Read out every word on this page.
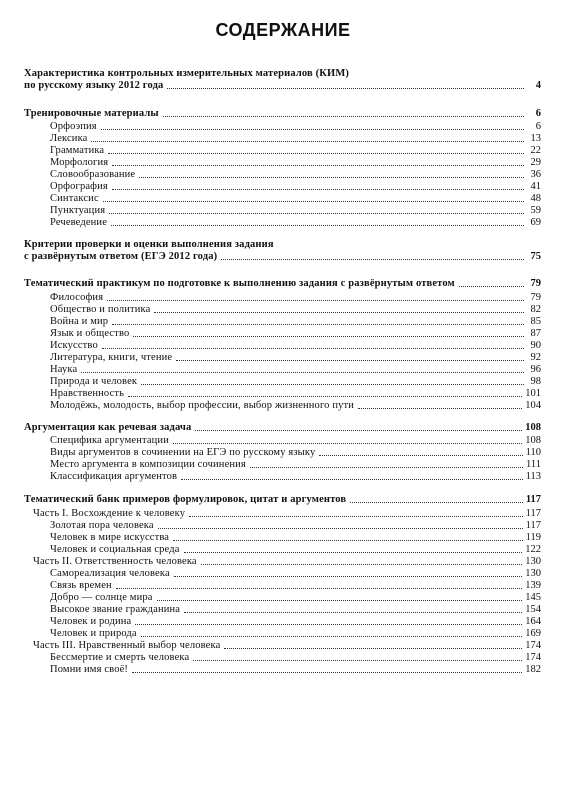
СОДЕРЖАНИЕ
Характеристика контрольных измерительных материалов (КИМ)
по русскому языку 2012 года	4
Тренировочные материалы	6
Орфоэпия	6
Лексика	13
Грамматика	22
Морфология	29
Словообразование	36
Орфография	41
Синтаксис	48
Пунктуация	59
Речеведение	69
Критерии проверки и оценки выполнения задания
с развёрнутым ответом (ЕГЭ 2012 года)	75
Тематический практикум по подготовке к выполнению задания с развёрнутым ответом	79
Философия	79
Общество и политика	82
Война и мир	85
Язык и общество	87
Искусство	90
Литература, книги, чтение	92
Наука	96
Природа и человек	98
Нравственность	101
Молодёжь, молодость, выбор профессии, выбор жизненного пути	104
Аргументация как речевая задача	108
Специфика аргументации	108
Виды аргументов в сочинении на ЕГЭ по русскому языку	110
Место аргумента в композиции сочинения	111
Классификация аргументов	113
Тематический банк примеров формулировок, цитат и аргументов	117
Часть I. Восхождение к человеку	117
Золотая пора человека	117
Человек в мире искусства	119
Человек и социальная среда	122
Часть II. Ответственность человека	130
Самореализация человека	130
Связь времен	139
Добро — солнце мира	145
Высокое звание гражданина	154
Человек и родина	164
Человек и природа	169
Часть III. Нравственный выбор человека	174
Бессмертие и смерть человека	174
Помни имя своё!	182
